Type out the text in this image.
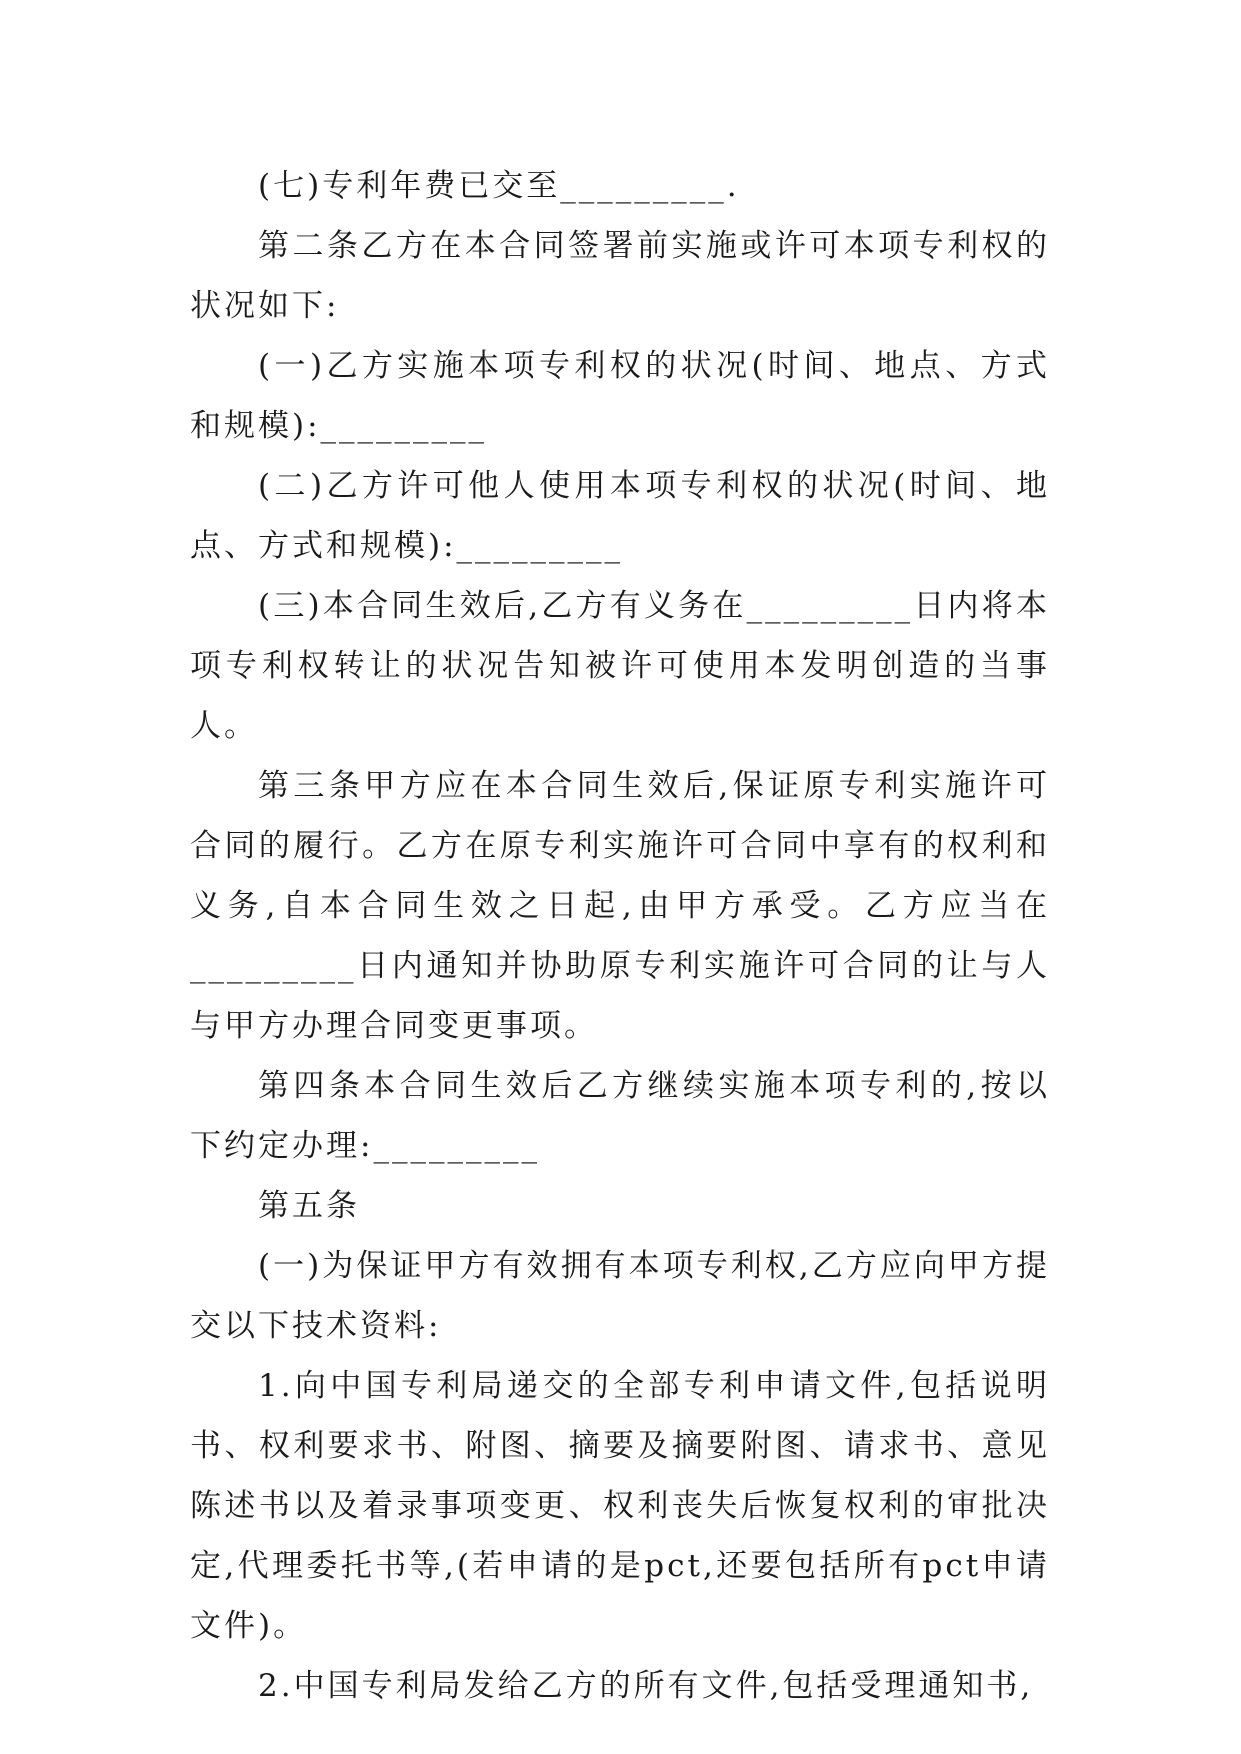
(七)专利年费已交至_________.

第二条乙方在本合同签署前实施或许可本项专利权的状况如下:

(一)乙方实施本项专利权的状况(时间、地点、方式和规模):_________

(二)乙方许可他人使用本项专利权的状况(时间、地点、方式和规模):_________

(三)本合同生效后,乙方有义务在_________日内将本项专利权转让的状况告知被许可使用本发明创造的当事人。

第三条甲方应在本合同生效后,保证原专利实施许可合同的履行。乙方在原专利实施许可合同中享有的权利和义务,自本合同生效之日起,由甲方承受。乙方应当在_________日内通知并协助原专利实施许可合同的让与人与甲方办理合同变更事项。

第四条本合同生效后乙方继续实施本项专利的,按以下约定办理:_________

第五条

(一)为保证甲方有效拥有本项专利权,乙方应向甲方提交以下技术资料:

1.向中国专利局递交的全部专利申请文件,包括说明书、权利要求书、附图、摘要及摘要附图、请求书、意见陈述书以及着录事项变更、权利丧失后恢复权利的审批决定,代理委托书等,(若申请的是pct,还要包括所有pct申请文件)。

2.中国专利局发给乙方的所有文件,包括受理通知书,
